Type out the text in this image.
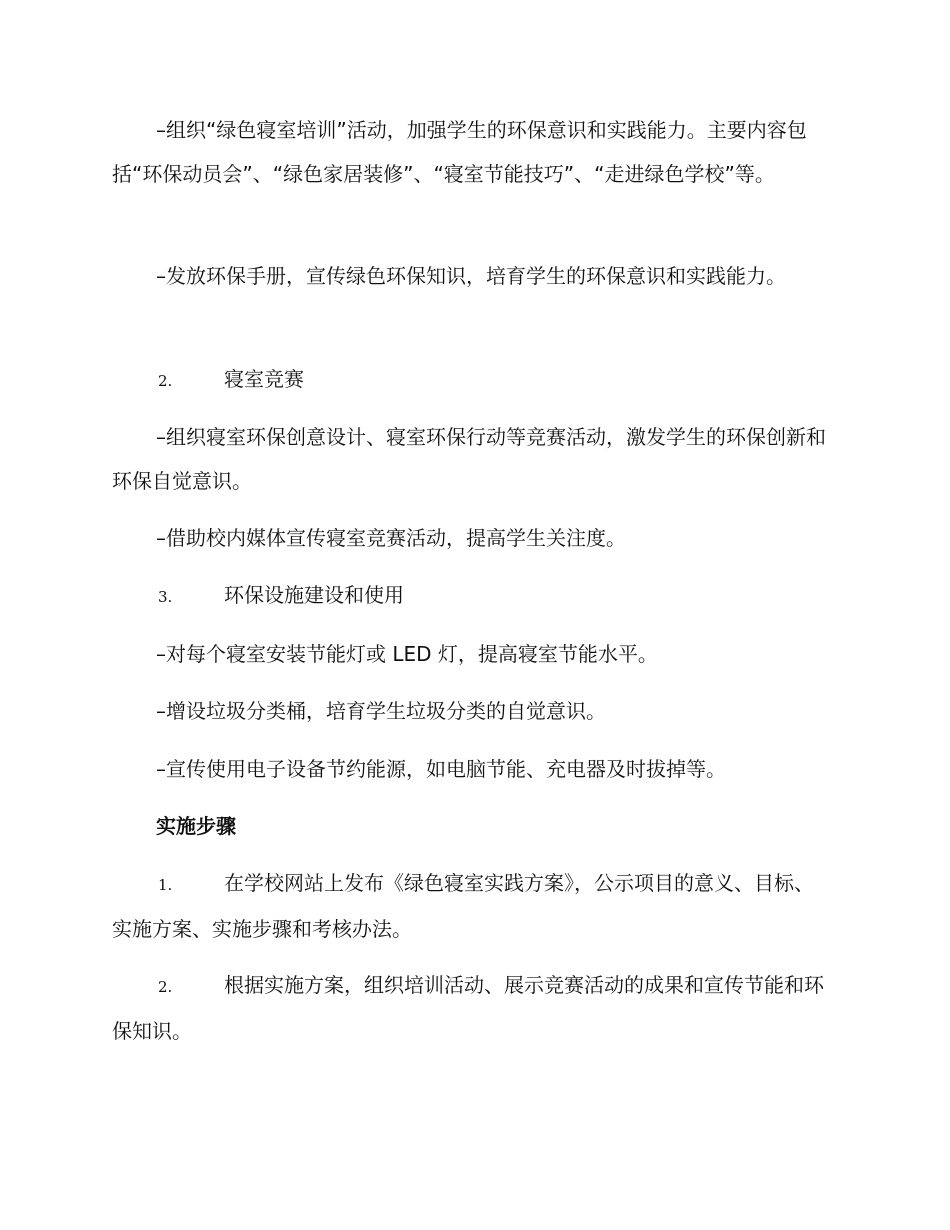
–组织“绿色寝室培训”活动，加强学生的环保意识和实践能力。主要内容包括“环保动员会”、“绿色家居装修”、“寝室节能技巧”、“走进绿色学校”等。

–发放环保手册，宣传绿色环保知识，培育学生的环保意识和实践能力。

2.	寝室竞赛

–组织寝室环保创意设计、寝室环保行动等竞赛活动，激发学生的环保创新和环保自觉意识。

–借助校内媒体宣传寝室竞赛活动，提高学生关注度。

3.	环保设施建设和使用

–对每个寝室安装节能灯或 LED 灯，提高寝室节能水平。

–增设垃圾分类桶，培育学生垃圾分类的自觉意识。

–宣传使用电子设备节约能源，如电脑节能、充电器及时拔掉等。

实施步骤

1.	在学校网站上发布《绿色寝室实践方案》，公示项目的意义、目标、实施方案、实施步骤和考核办法。

2.	根据实施方案，组织培训活动、展示竞赛活动的成果和宣传节能和环保知识。
